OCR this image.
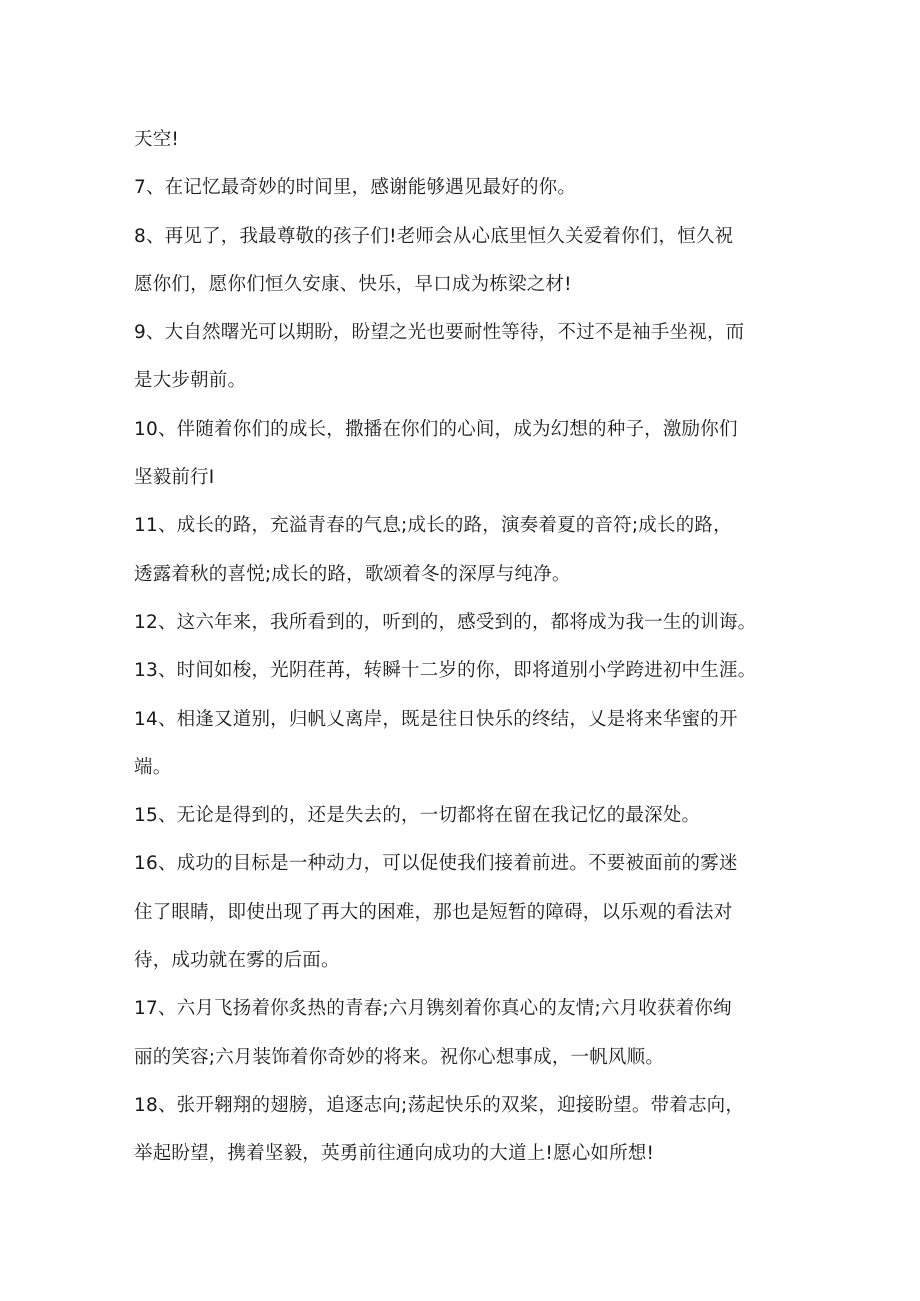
天空!
7、在记忆最奇妙的时间里，感谢能够遇见最好的你。
8、再见了，我最尊敬的孩子们!老师会从心底里恒久关爱着你们，恒久祝
愿你们，愿你们恒久安康、快乐，早口成为栋梁之材!
9、大自然曙光可以期盼，盼望之光也要耐性等待，不过不是袖手坐视，而
是大步朝前。
10、伴随着你们的成长，撒播在你们的心间，成为幻想的种子，激励你们
坚毅前行I
11、成长的路，充溢青春的气息;成长的路，演奏着夏的音符;成长的路，
透露着秋的喜悦;成长的路，歌颂着冬的深厚与纯净。
12、这六年来，我所看到的，听到的，感受到的，都将成为我一生的训诲。
13、时间如梭，光阴荏苒，转瞬十二岁的你，即将道别小学跨进初中生涯。
14、相逢又道别，归帆乂离岸，既是往日快乐的终结，乂是将来华蜜的开
端。
15、无论是得到的，还是失去的，一切都将在留在我记忆的最深处。
16、成功的目标是一种动力，可以促使我们接着前进。不要被面前的雾迷
住了眼睛，即使出现了再大的困难，那也是短暂的障碍，以乐观的看法对
待，成功就在雾的后面。
17、六月飞扬着你炙热的青春;六月镌刻着你真心的友情;六月收获着你绚
丽的笑容;六月装饰着你奇妙的将来。祝你心想事成，一帆风顺。
18、张开翱翔的翅膀，追逐志向;荡起快乐的双桨，迎接盼望。带着志向，
举起盼望，携着坚毅，英勇前往通向成功的大道上!愿心如所想!
